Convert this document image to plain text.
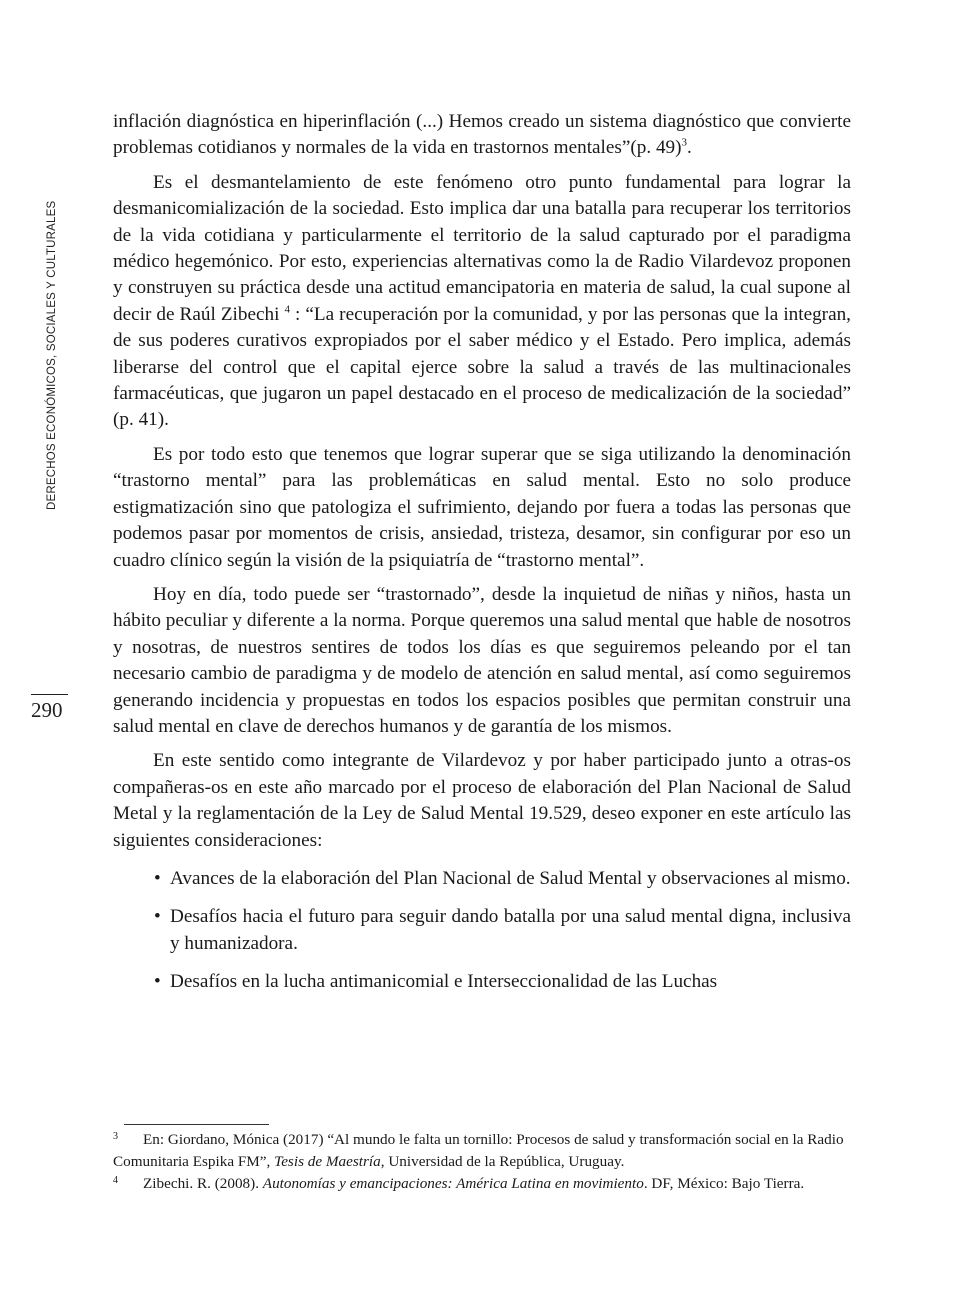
DERECHOS ECONÓMICOS, SOCIALES Y CULTURALES
290

inflación diagnóstica en hiperinflación (...) Hemos creado un sistema diagnóstico que convierte problemas cotidianos y normales de la vida en trastornos mentales”(p. 49)$^3$.

Es el desmantelamiento de este fenómeno otro punto fundamental para lograr la desmanicomialización de la sociedad. Esto implica dar una batalla para recuperar los territorios de la vida cotidiana y particularmente el territorio de la salud capturado por el paradigma médico hegemónico. Por esto, experiencias alternativas como la de Radio Vilardevoz proponen y construyen su práctica desde una actitud emancipatoria en materia de salud, la cual supone al decir de Raúl Zibechi $^4$ : “La recuperación por la comunidad, y por las personas que la integran, de sus poderes curativos expropiados por el saber médico y el Estado. Pero implica, además liberarse del control que el capital ejerce sobre la salud a través de las multinacionales farmacéuticas, que jugaron un papel destacado en el proceso de medicalización de la sociedad” (p. 41).

Es por todo esto que tenemos que lograr superar que se siga utilizando la denominación “trastorno mental” para las problemáticas en salud mental. Esto no solo produce estigmatización sino que patologiza el sufrimiento, dejando por fuera a todas las personas que podemos pasar por momentos de crisis, ansiedad, tristeza, desamor, sin configurar por eso un cuadro clínico según la visión de la psiquiatría de “trastorno mental”.

Hoy en día, todo puede ser “trastornado”, desde la inquietud de niñas y niños, hasta un hábito peculiar y diferente a la norma. Porque queremos una salud mental que hable de nosotros y nosotras, de nuestros sentires de todos los días es que seguiremos peleando por el tan necesario cambio de paradigma y de modelo de atención en salud mental, así como seguiremos generando incidencia y propuestas en todos los espacios posibles que permitan construir una salud mental en clave de derechos humanos y de garantía de los mismos.

En este sentido como integrante de Vilardevoz y por haber participado junto a otras-os compañeras-os en este año marcado por el proceso de elaboración del Plan Nacional de Salud Metal y la reglamentación de la Ley de Salud Mental 19.529, deseo exponer en este artículo las siguientes consideraciones:

• Avances de la elaboración del Plan Nacional de Salud Mental y observaciones al mismo.
• Desafíos hacia el futuro para seguir dando batalla por una salud mental digna, inclusiva y humanizadora.
• Desafíos en la lucha antimanicomial e Interseccionalidad de las Luchas

3 En: Giordano, Mónica (2017) “Al mundo le falta un tornillo: Procesos de salud y transformación social en la Radio Comunitaria Espika FM”, Tesis de Maestría, Universidad de la República, Uruguay.

4 Zibechi. R. (2008). Autonomías y emancipaciones: América Latina en movimiento. DF, México: Bajo Tierra.
